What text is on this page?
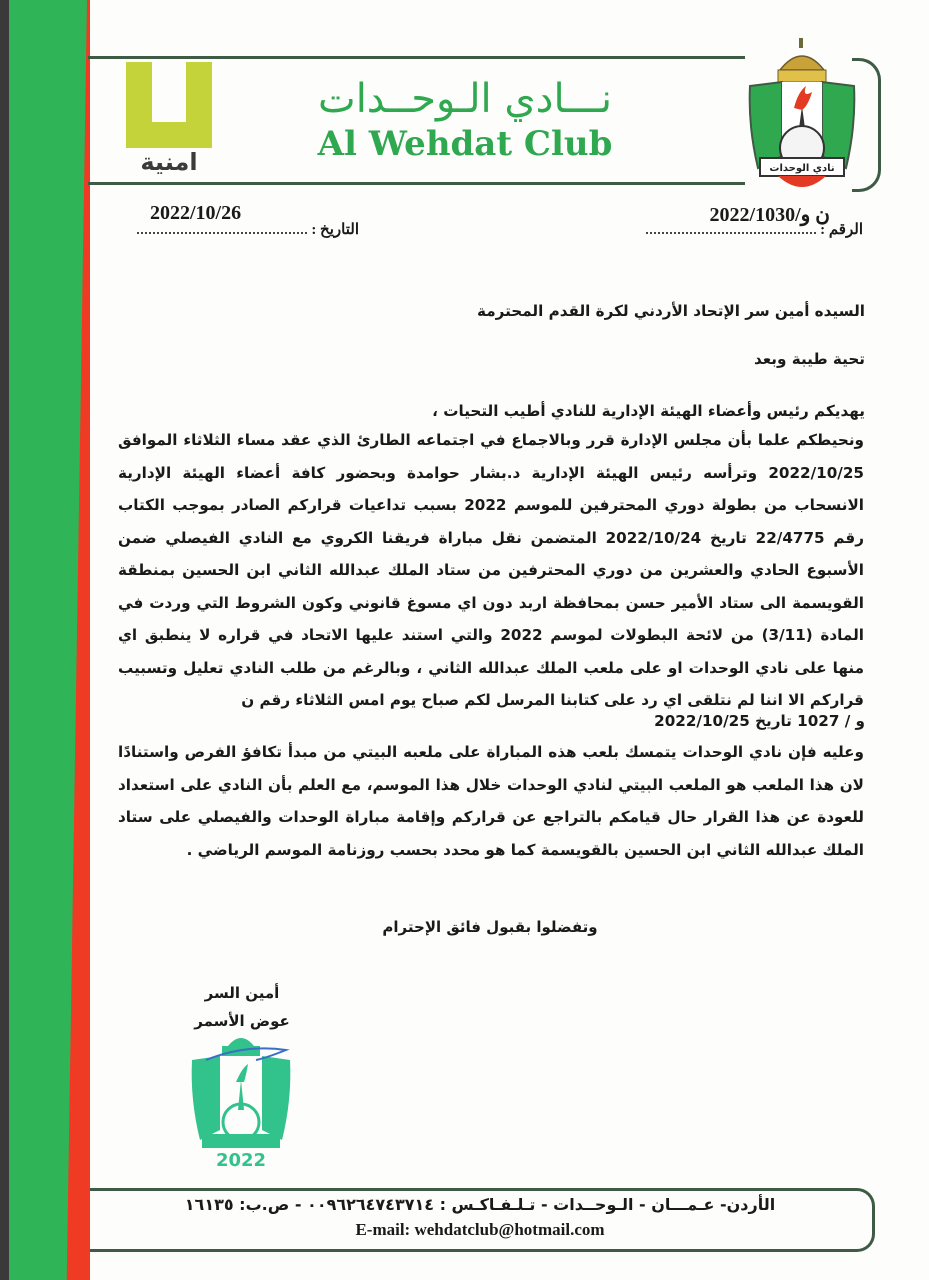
امنية
نـــادي الـوحــدات
Al Wehdat Club
نادي الوحدات
الرقم :
ن و/2022/1030
التاريخ :
2022/10/26
السيده أمين سر الإتحاد الأردني لكرة القدم المحترمة
تحية طيبة وبعد
يهديكم رئيس وأعضاء الهيئة الإدارية للنادي أطيب التحيات ،
ونحيطكم علما بأن مجلس الإدارة قرر وبالاجماع في اجتماعه الطارئ الذي عقد مساء الثلاثاء الموافق 2022/10/25 وترأسه رئيس الهيئة الإدارية د.بشار حوامدة وبحضور كافة أعضاء الهيئة الإدارية الانسحاب من بطولة دوري المحترفين للموسم 2022 بسبب تداعيات قراركم الصادر بموجب الكتاب رقم 22/4775 تاريخ 2022/10/24 المتضمن نقل مباراة فريقنا الكروي مع النادي الفيصلي ضمن الأسبوع الحادي والعشرين من دوري المحترفين من ستاد الملك عبدالله الثاني ابن الحسين بمنطقة القويسمة الى ستاد الأمير حسن بمحافظة اربد دون اي مسوغ قانوني وكون الشروط التي وردت في المادة (3/11) من لائحة البطولات لموسم 2022 والتي استند عليها الاتحاد في قراره لا ينطبق اي منها على نادي الوحدات او على ملعب الملك عبدالله الثاني ، وبالرغم من طلب النادي تعليل وتسبيب قراركم الا اننا لم نتلقى اي رد على كتابنا المرسل لكم صباح يوم امس الثلاثاء رقم ن
و / 1027 تاريخ 2022/10/25
وعليه فإن نادي الوحدات يتمسك بلعب هذه المباراة على ملعبه البيتي من مبدأ تكافؤ الفرص واستنادًا لان هذا الملعب هو الملعب البيتي لنادي الوحدات خلال هذا الموسم، مع العلم بأن النادي على استعداد للعودة عن هذا القرار حال قيامكم بالتراجع عن قراركم وإقامة مباراة الوحدات والفيصلي على ستاد الملك عبدالله الثاني ابن الحسين بالقويسمة كما هو محدد بحسب روزنامة الموسم الرياضي .
وتفضلوا بقبول فائق الإحترام
أمين السر
عوض الأسمر
2022
الأردن- عـمـــان - الـوحــدات - تـلـفـاكـس : ٠٠٩٦٢٦٤٧٤٣٧١٤ - ص.ب: ١٦١٣٥
E-mail: wehdatclub@hotmail.com
